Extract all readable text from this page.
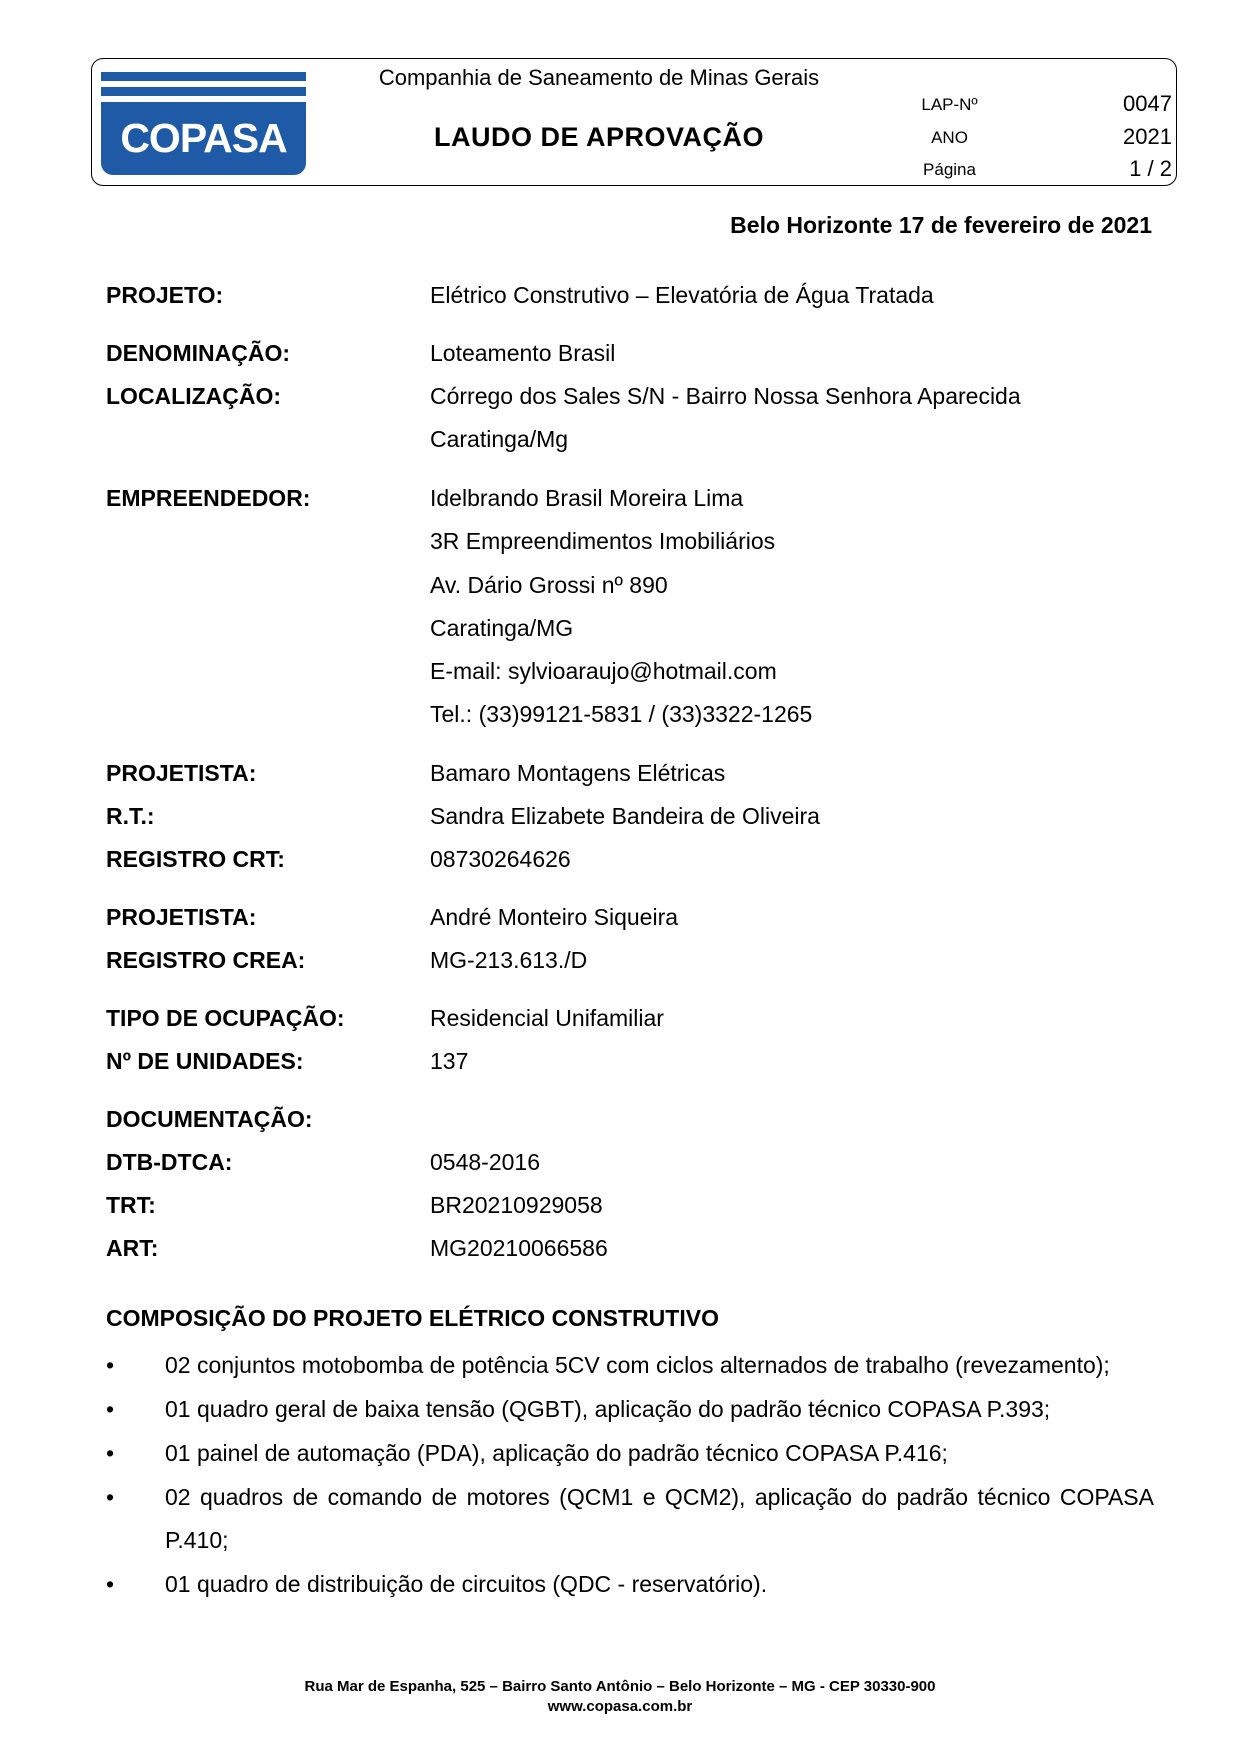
COPASA
Companhia de Saneamento de Minas Gerais
LAUDO DE APROVAÇÃO
LAP-Nº	0047
ANO	2021
Página	1 / 2
Belo Horizonte 17 de fevereiro de 2021
PROJETO:	Elétrico Construtivo – Elevatória de Água Tratada
DENOMINAÇÃO:	Loteamento Brasil
LOCALIZAÇÃO:	Córrego dos Sales S/N - Bairro Nossa Senhora Aparecida
Caratinga/Mg
EMPREENDEDOR:	Idelbrando Brasil Moreira Lima
3R Empreendimentos Imobiliários
Av. Dário Grossi nº 890
Caratinga/MG
E-mail: sylvioaraujo@hotmail.com
Tel.: (33)99121-5831 / (33)3322-1265
PROJETISTA:	Bamaro Montagens Elétricas
R.T.:	Sandra Elizabete Bandeira de Oliveira
REGISTRO CRT:	08730264626
PROJETISTA:	André Monteiro Siqueira
REGISTRO CREA:	MG-213.613./D
TIPO DE OCUPAÇÃO:	Residencial Unifamiliar
Nº DE UNIDADES:	137
DOCUMENTAÇÃO:
DTB-DTCA:	0548-2016
TRT:	BR20210929058
ART:	MG20210066586
COMPOSIÇÃO DO PROJETO ELÉTRICO CONSTRUTIVO
• 02 conjuntos motobomba de potência 5CV com ciclos alternados de trabalho (revezamento);
• 01 quadro geral de baixa tensão (QGBT), aplicação do padrão técnico COPASA P.393;
• 01 painel de automação (PDA), aplicação do padrão técnico COPASA P.416;
• 02 quadros de comando de motores (QCM1 e QCM2), aplicação do padrão técnico COPASA P.410;
• 01 quadro de distribuição de circuitos (QDC - reservatório).
Rua Mar de Espanha, 525 – Bairro Santo Antônio – Belo Horizonte – MG - CEP 30330-900
www.copasa.com.br
